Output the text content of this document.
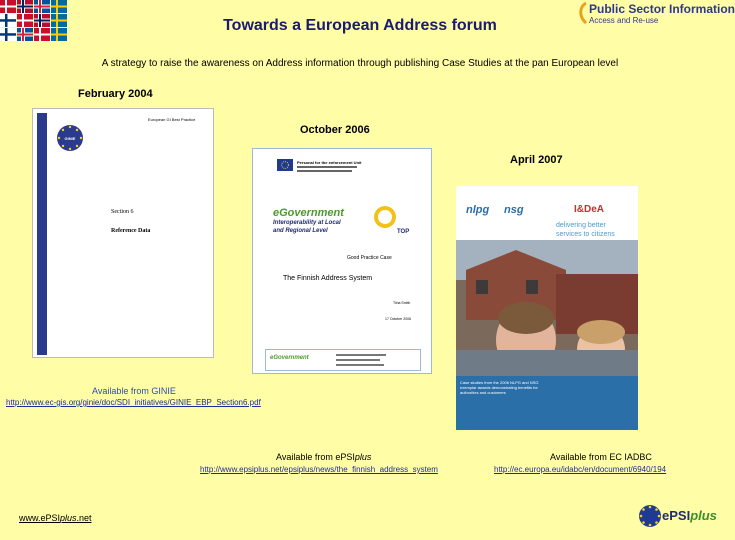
Towards a European Address forum
Public Sector Information
Access and Re-use
A strategy to raise the awareness on Address information through publishing Case Studies at the pan European level
February 2004
October 2006
April 2007
European GI Best Practice
GINIE
Section 6
Reference Data
Personal for the enforcement Unit
eGovernment
Interoperability at Local
and Regional Level	TOP
Good Practice Case
The Finnish Address System
Tiina Smith
17 October 2006
eGovernment
nlpg nsg	I&DeA
delivering better
services to citizens
Case studies from the 2006 NLPG and NSG exemplar awards demonstrating benefits for authorities and customers
Available from GINIE
http://www.ec-gis.org/ginie/doc/SDI_initiatives/GINIE_EBP_Section6.pdf
Available from ePSIplus
http://www.epsiplus.net/epsiplus/news/the_finnish_address_system
Available from EC IADBC
http://ec.europa.eu/idabc/en/document/6940/194
www.ePSIplus.net	ePSIplus
